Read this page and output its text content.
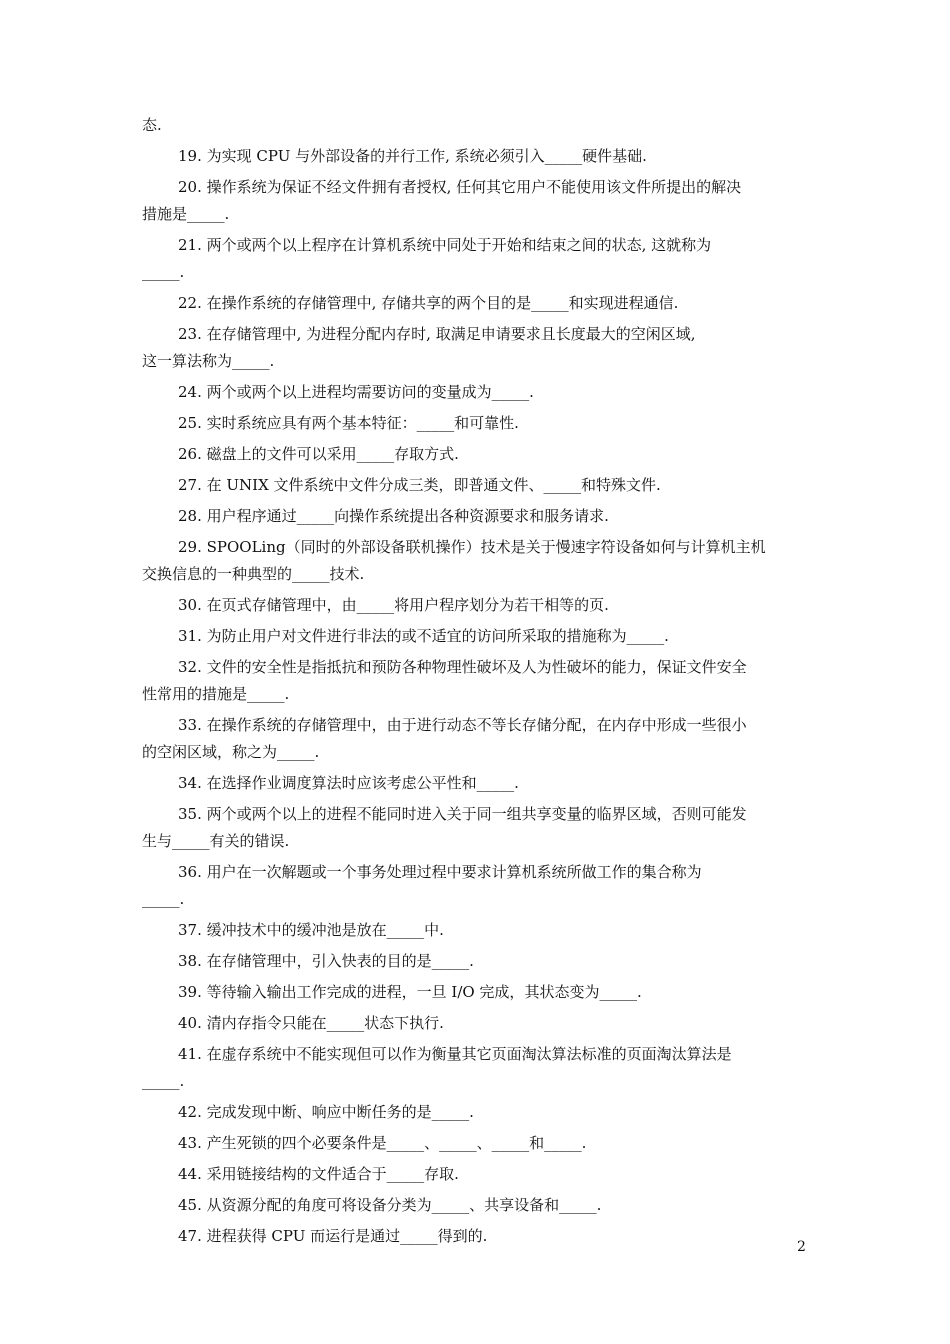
态.

19. 为实现 CPU 与外部设备的并行工作, 系统必须引入_____硬件基础.

20. 操作系统为保证不经文件拥有者授权, 任何其它用户不能使用该文件所提出的解决

措施是_____.

21. 两个或两个以上程序在计算机系统中同处于开始和结束之间的状态, 这就称为

_____.

22. 在操作系统的存储管理中, 存储共享的两个目的是_____和实现进程通信.

23. 在存储管理中, 为进程分配内存时, 取满足申请要求且长度最大的空闲区域,

这一算法称为_____.

24. 两个或两个以上进程均需要访问的变量成为_____.

25. 实时系统应具有两个基本特征：_____和可靠性.

26. 磁盘上的文件可以采用_____存取方式.

27. 在 UNIX 文件系统中文件分成三类，即普通文件、_____和特殊文件.

28. 用户程序通过_____向操作系统提出各种资源要求和服务请求.

29. SPOOLing（同时的外部设备联机操作）技术是关于慢速字符设备如何与计算机主机

交换信息的一种典型的_____技术.

30. 在页式存储管理中，由_____将用户程序划分为若干相等的页.

31. 为防止用户对文件进行非法的或不适宜的访问所采取的措施称为_____.

32. 文件的安全性是指抵抗和预防各种物理性破坏及人为性破坏的能力，保证文件安全

性常用的措施是_____.

33. 在操作系统的存储管理中，由于进行动态不等长存储分配，在内存中形成一些很小

的空闲区域，称之为_____.

34. 在选择作业调度算法时应该考虑公平性和_____.

35. 两个或两个以上的进程不能同时进入关于同一组共享变量的临界区域，否则可能发

生与_____有关的错误.

36. 用户在一次解题或一个事务处理过程中要求计算机系统所做工作的集合称为

_____.

37. 缓冲技术中的缓冲池是放在_____中.

38. 在存储管理中，引入快表的目的是_____.

39. 等待输入输出工作完成的进程，一旦 I/O 完成，其状态变为_____.

40. 清内存指令只能在_____状态下执行.

41. 在虚存系统中不能实现但可以作为衡量其它页面淘汰算法标准的页面淘汰算法是

_____.

42. 完成发现中断、响应中断任务的是_____.

43. 产生死锁的四个必要条件是_____、_____、_____和_____.

44. 采用链接结构的文件适合于_____存取.

45. 从资源分配的角度可将设备分类为_____、共享设备和_____.

47. 进程获得 CPU 而运行是通过_____得到的.

2
